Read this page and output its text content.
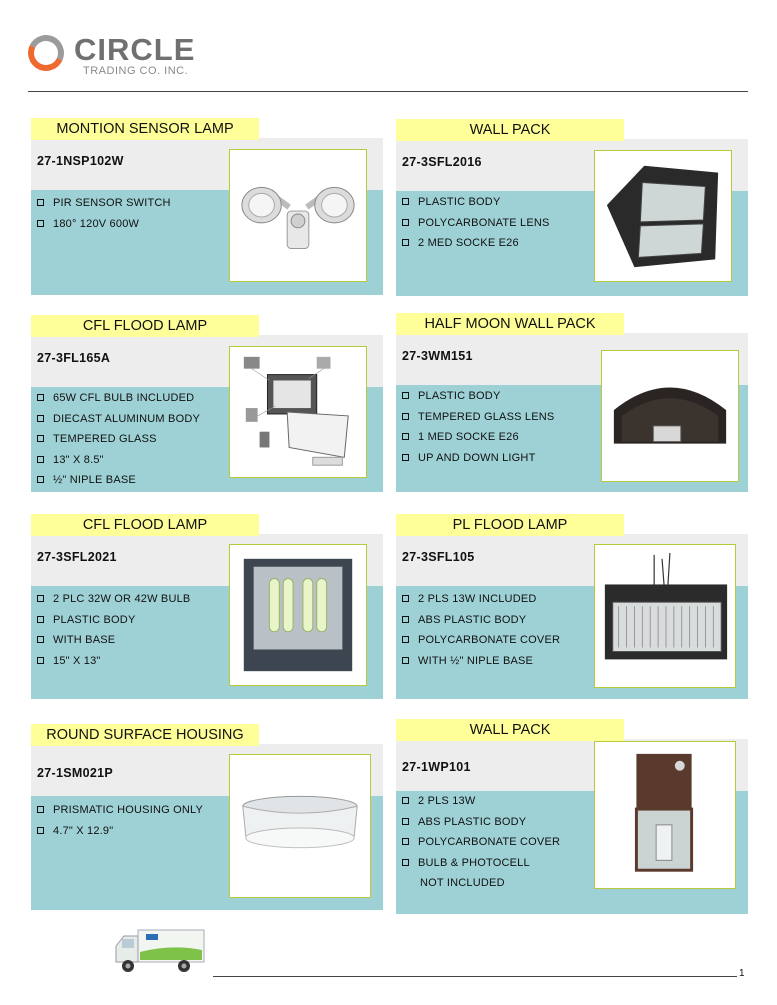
CIRCLE
TRADING CO. INC.
MONTION SENSOR LAMP
27-1NSP102W
PIR SENSOR SWITCH
180° 120V 600W
WALL PACK
27-3SFL2016
PLASTIC BODY
POLYCARBONATE LENS
2 MED SOCKE E26
CFL FLOOD LAMP
27-3FL165A
65W CFL BULB INCLUDED
DIECAST ALUMINUM BODY
TEMPERED GLASS
13" X 8.5"
½" NIPLE BASE
HALF MOON WALL PACK
27-3WM151
PLASTIC BODY
TEMPERED GLASS LENS
1 MED SOCKE E26
UP AND DOWN LIGHT
CFL FLOOD LAMP
27-3SFL2021
2 PLC 32W OR 42W BULB
PLASTIC BODY
WITH BASE
15" X 13"
PL FLOOD LAMP
27-3SFL105
2 PLS 13W INCLUDED
ABS PLASTIC BODY
POLYCARBONATE COVER
WITH ½" NIPLE BASE
ROUND SURFACE HOUSING
27-1SM021P
PRISMATIC HOUSING ONLY
4.7" X 12.9"
WALL PACK
27-1WP101
2 PLS 13W
ABS PLASTIC BODY
POLYCARBONATE COVER
BULB & PHOTOCELL
NOT INCLUDED
1
